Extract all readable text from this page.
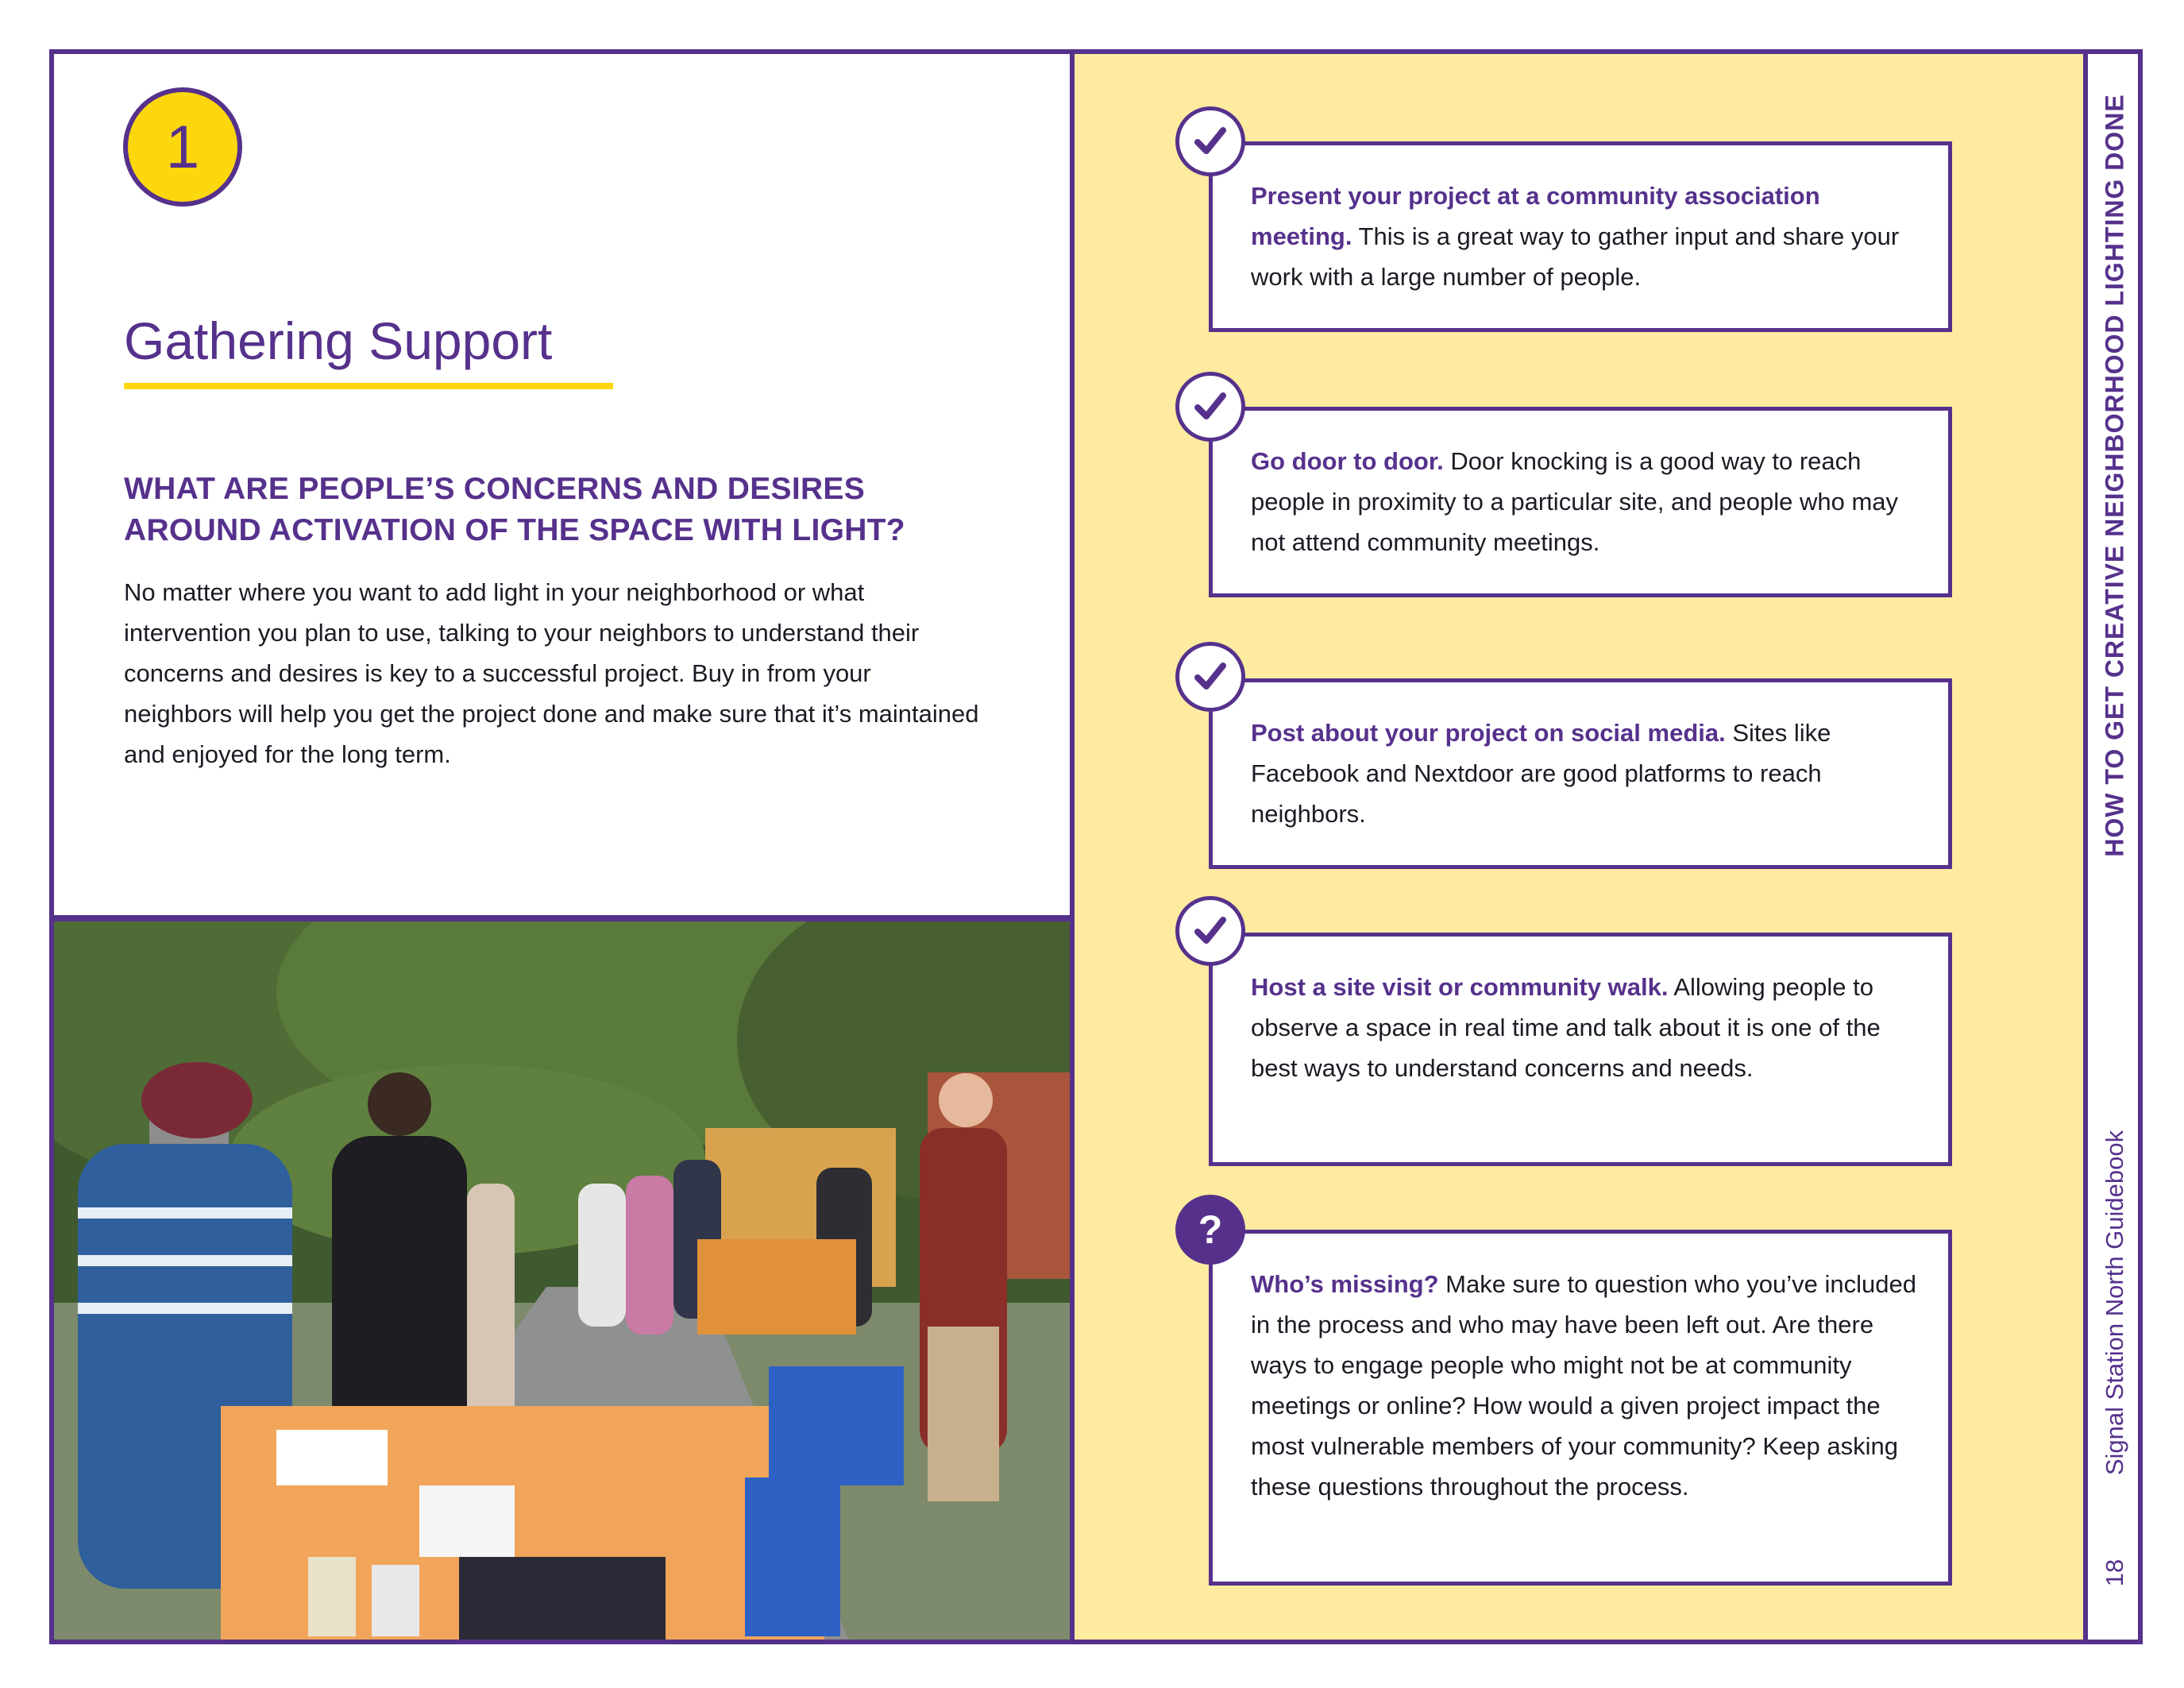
1
Gathering Support
WHAT ARE PEOPLE’S CONCERNS AND DESIRES
AROUND ACTIVATION OF THE SPACE WITH LIGHT?

No matter where you want to add light in your neighborhood or what intervention you plan to use, talking to your neighbors to understand their concerns and desires is key to a successful project. Buy in from your neighbors will help you get the project done and make sure that it’s maintained and enjoyed for the long term.

Present your project at a community association meeting. This is a great way to gather input and share your work with a large number of people.
Go door to door. Door knocking is a good way to reach people in proximity to a particular site, and people who may not attend community meetings.
Post about your project on social media. Sites like Facebook and Nextdoor are good platforms to reach neighbors.
Host a site visit or community walk. Allowing people to observe a space in real time and talk about it is one of the best ways to understand concerns and needs.
Who’s missing? Make sure to question who you’ve included in the process and who may have been left out. Are there ways to engage people who might not be at community meetings or online? How would a given project impact the most vulnerable members of your community? Keep asking these questions throughout the process.
?
HOW TO GET CREATIVE NEIGHBORHOOD LIGHTING DONE
Signal Station North Guidebook
18
